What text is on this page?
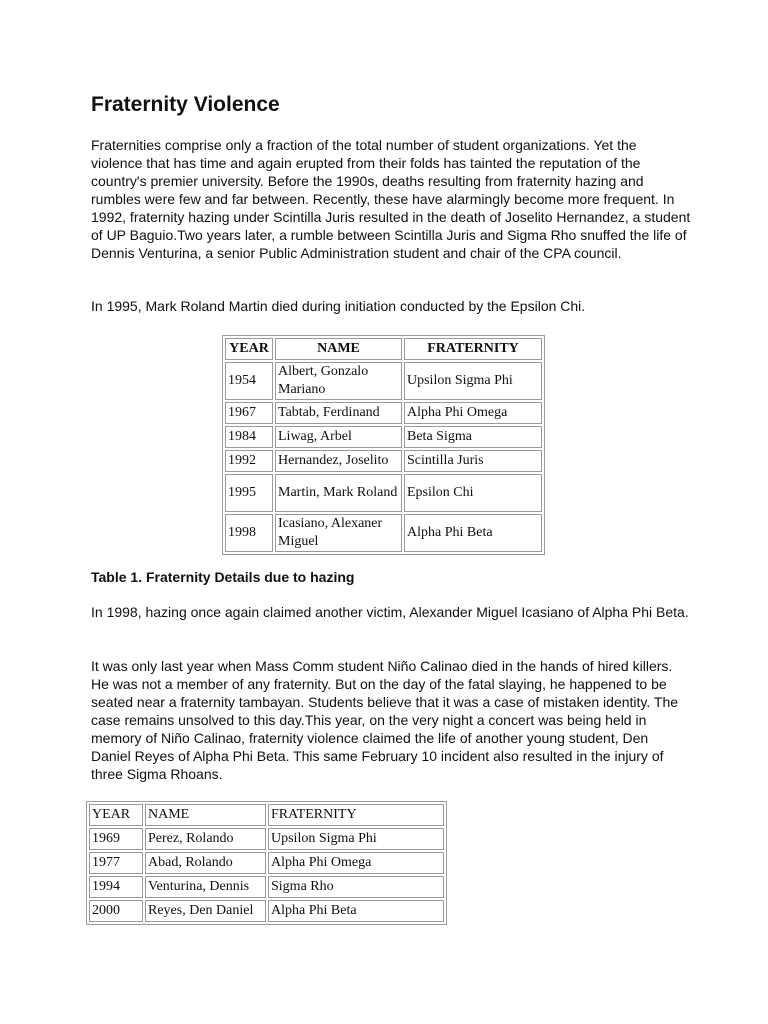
Fraternity Violence

Fraternities comprise only a fraction of the total number of student organizations. Yet the violence that has time and again erupted from their folds has tainted the reputation of the country's premier university. Before the 1990s, deaths resulting from fraternity hazing and rumbles were few and far between. Recently, these have alarmingly become more frequent. In 1992, fraternity hazing under Scintilla Juris resulted in the death of Joselito Hernandez, a student of UP Baguio.Two years later, a rumble between Scintilla Juris and Sigma Rho snuffed the life of Dennis Venturina, a senior Public Administration student and chair of the CPA council.

In 1995, Mark Roland Martin died during initiation conducted by the Epsilon Chi.

YEAR	NAME	FRATERNITY
1954	Albert, Gonzalo Mariano	Upsilon Sigma Phi
1967	Tabtab, Ferdinand	Alpha Phi Omega
1984	Liwag, Arbel	Beta Sigma
1992	Hernandez, Joselito	Scintilla Juris
1995	Martin, Mark Roland	Epsilon Chi
1998	Icasiano, Alexaner Miguel	Alpha Phi Beta

Table 1. Fraternity Details due to hazing

In 1998, hazing once again claimed another victim, Alexander Miguel Icasiano of Alpha Phi Beta.

It was only last year when Mass Comm student Niño Calinao died in the hands of hired killers. He was not a member of any fraternity. But on the day of the fatal slaying, he happened to be seated near a fraternity tambayan. Students believe that it was a case of mistaken identity. The case remains unsolved to this day.This year, on the very night a concert was being held in memory of Niño Calinao, fraternity violence claimed the life of another young student, Den Daniel Reyes of Alpha Phi Beta. This same February 10 incident also resulted in the injury of three Sigma Rhoans.

YEAR	NAME	FRATERNITY
1969	Perez, Rolando	Upsilon Sigma Phi
1977	Abad, Rolando	Alpha Phi Omega
1994	Venturina, Dennis	Sigma Rho
2000	Reyes, Den Daniel	Alpha Phi Beta
